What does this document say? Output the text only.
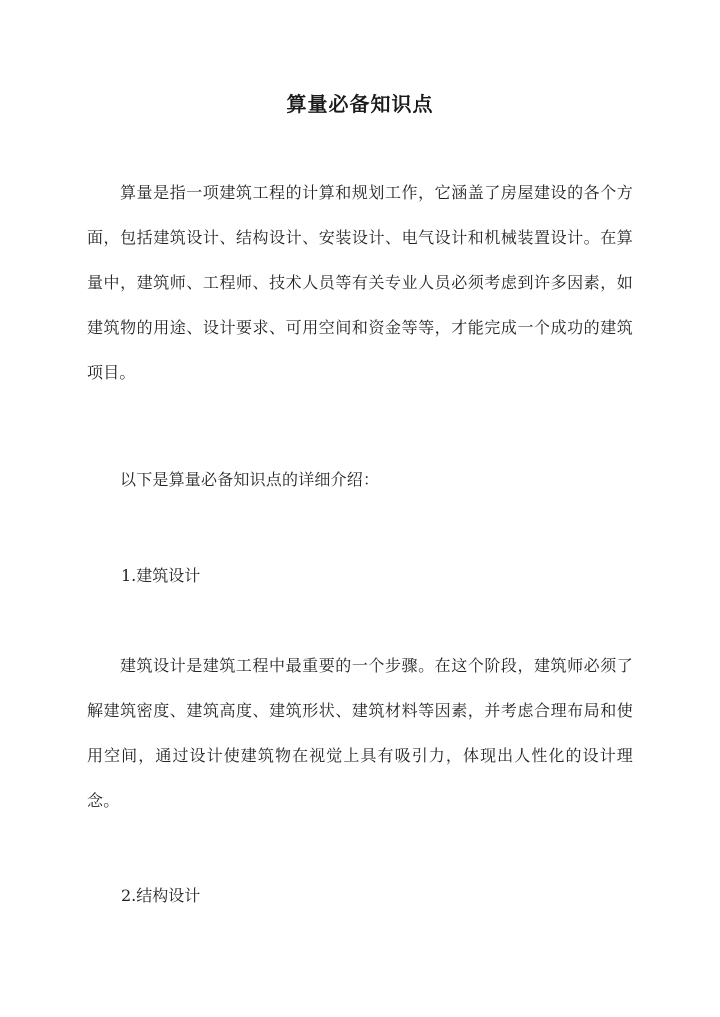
算量必备知识点

算量是指一项建筑工程的计算和规划工作，它涵盖了房屋建设的各个方面，包括建筑设计、结构设计、安装设计、电气设计和机械装置设计。在算量中，建筑师、工程师、技术人员等有关专业人员必须考虑到许多因素，如建筑物的用途、设计要求、可用空间和资金等等，才能完成一个成功的建筑项目。

以下是算量必备知识点的详细介绍：

1.建筑设计

建筑设计是建筑工程中最重要的一个步骤。在这个阶段，建筑师必须了解建筑密度、建筑高度、建筑形状、建筑材料等因素，并考虑合理布局和使用空间，通过设计使建筑物在视觉上具有吸引力，体现出人性化的设计理念。

2.结构设计
